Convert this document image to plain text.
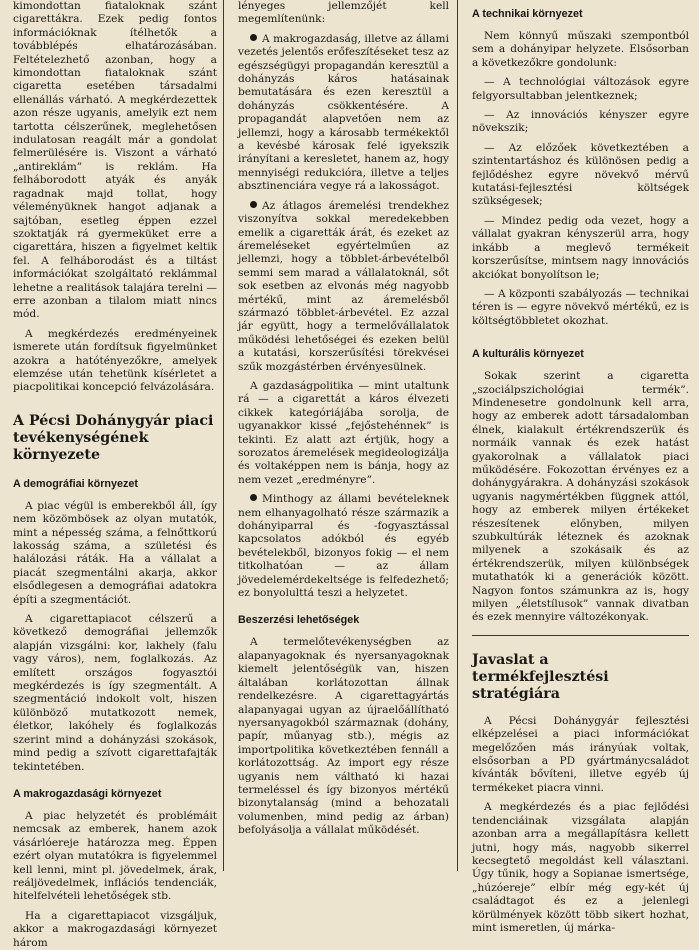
kimondottan fiataloknak szánt cigarettákra. Ezek pedig fontos információknak ítélhetők a továbblépés elhatározásában. Feltételezhető azonban, hogy a kimondottan fiataloknak szánt cigaretta esetében társadalmi ellenállás várható. A megkérdezettek azon része ugyanis, amelyik ezt nem tartotta célszerűnek, meglehetősen indulatosan reagált már a gondolat felmerülésére is. Viszont a várható „antireklám” is reklám. Ha felháborodott atyák és anyák ragadnak majd tollat, hogy véleményüknek hangot adjanak a sajtóban, esetleg éppen ezzel szoktatják rá gyermeküket erre a cigarettára, hiszen a figyelmet keltik fel. A felháborodást és a tiltást információkat szolgáltató reklámmal lehetne a realitások talajára terelni — erre azonban a tilalom miatt nincs mód.

A megkérdezés eredményeinek ismerete után fordítsuk figyelmünket azokra a hatótényezőkre, amelyek elemzése után tehetünk kísérletet a piacpolitikai koncepció felvázolására.

A Pécsi Dohánygyár piaci tevékenységének környezete
A demográfiai környezet

A piac végül is emberekből áll, így nem közömbösek az olyan mutatók, mint a népesség száma, a felnőttkorú lakosság száma, a születési és halálozási ráták. Ha a vállalat a piacát szegmentálni akarja, akkor elsődlegesen a demográfiai adatokra építi a szegmentációt.

A cigarettapiacot célszerű a következő demográfiai jellemzők alapján vizsgálni: kor, lakhely (falu vagy város), nem, foglalkozás. Az említett országos fogyasztói megkérdezés is így szegmentált. A szegmentáció indokolt volt, hiszen különböző mutatkozott nemek, életkor, lakóhely és foglalkozás szerint mind a dohányzási szokások, mind pedig a szívott cigarettafajták tekintetében.

A makrogazdasági környezet

A piac helyzetét és problémáit nemcsak az emberek, hanem azok vásárlóereje határozza meg. Éppen ezért olyan mutatókra is figyelemmel kell lenni, mint pl. jövedelmek, árak, reáljövedelmek, inflációs tendenciák, hitelfelvételi lehetőségek stb.

Ha a cigarettapiacot vizsgáljuk, akkor a makrogazdasági környezet három

lényeges jellemzőjét kell megemlítenünk:

A makrogazdaság, illetve az állami vezetés jelentős erőfeszítéseket tesz az egészségügyi propagandán keresztül a dohányzás káros hatásainak bemutatására és ezen keresztül a dohányzás csökkentésére. A propagandát alapvetően nem az jellemzi, hogy a károsabb termékektől a kevésbé károsak felé igyekszik irányítani a keresletet, hanem az, hogy mennyiségi redukcióra, illetve a teljes absztinenciára vegye rá a lakosságot.

Az átlagos áremelési trendekhez viszonyítva sokkal meredekebben emelik a cigaretták árát, és ezeket az áremeléseket egyértelműen az jellemzi, hogy a többlet-árbevételből semmi sem marad a vállalatoknál, sőt sok esetben az elvonás még nagyobb mértékű, mint az áremelésből származó többlet-árbevétel. Ez azzal jár együtt, hogy a termelővállalatok működési lehetőségei és ezeken belül a kutatási, korszerűsítési törekvései szűk mozgástérben érvényesülnek.

A gazdaságpolitika — mint utaltunk rá — a cigarettát a káros élvezeti cikkek kategóriájába sorolja, de ugyanakkor kissé „fejőstehénnek” is tekinti. Ez alatt azt értjük, hogy a sorozatos áremelések megideologizálja és voltaképpen nem is bánja, hogy az nem vezet „eredményre”.

Minthogy az állami bevételeknek nem elhanyagolható része származik a dohányiparral és -fogyasztással kapcsolatos adókból és egyéb bevételekből, bizonyos fokig — el nem titkolhatóan — az állam jövedelemérdekeltsége is felfedezhető; ez bonyolulttá teszi a helyzetet.

Beszerzési lehetőségek

A termelőtevékenységben az alapanyagoknak és nyersanyagoknak kiemelt jelentőségük van, hiszen általában korlátozottan állnak rendelkezésre. A cigarettagyártás alapanyagai ugyan az újraelőállítható nyersanyagokból származnak (dohány, papír, műanyag stb.), mégis az importpolitika következtében fennáll a korlátozottság. Az import egy része ugyanis nem váltható ki hazai termeléssel és így bizonyos mértékű bizonytalanság (mind a behozatali volumenben, mind pedig az árban) befolyásolja a vállalat működését.

A technikai környezet

Nem könnyű műszaki szempontból sem a dohányipar helyzete. Elsősorban a következőkre gondolunk:

— A technológiai változások egyre felgyorsultabban jelentkeznek;

— Az innovációs kényszer egyre növekszik;

— Az előzőek következtében a szintentartáshoz és különösen pedig a fejlődéshez egyre növekvő mérvű kutatási-fejlesztési költségek szükségesek;

— Mindez pedig oda vezet, hogy a vállalat gyakran kényszerül arra, hogy inkább a meglevő termékeit korszerűsítse, mintsem nagy innovációs akciókat bonyolítson le;

— A központi szabályozás — technikai téren is — egyre növekvő mértékű, ez is költségtöbbletet okozhat.

A kulturális környezet

Sokak szerint a cigaretta „szociálpszichológiai termék”. Mindenesetre gondolnunk kell arra, hogy az emberek adott társadalomban élnek, kialakult értékrendszerük és normáik vannak és ezek hatást gyakorolnak a vállalatok piaci működésére. Fokozottan érvényes ez a dohánygyárakra. A dohányzási szokások ugyanis nagymértékben függnek attól, hogy az emberek milyen értékeket részesítenek előnyben, milyen szubkultúrák léteznek és azoknak milyenek a szokásaik és az értékrendszerük, milyen különbségek mutathatók ki a generációk között. Nagyon fontos számunkra az is, hogy milyen „életstílusok” vannak divatban és ezek mennyire változékonyak.

Javaslat a termékfejlesztési stratégiára

A Pécsi Dohánygyár fejlesztési elképzelései a piaci információkat megelőzően más irányúak voltak, elsősorban a PD gyártmánycsaládot kívánták bővíteni, illetve egyéb új termékeket piacra vinni.

A megkérdezés és a piac fejlődési tendenciáinak vizsgálata alapján azonban arra a megállapításra kellett jutni, hogy más, nagyobb sikerrel kecsegtető megoldást kell választani. Úgy tűnik, hogy a Sopianae ismertsége, „húzóereje” elbír még egy-két új családtagot és ez a jelenlegi körülmények között több sikert hozhat, mint ismeretlen, új márka-
